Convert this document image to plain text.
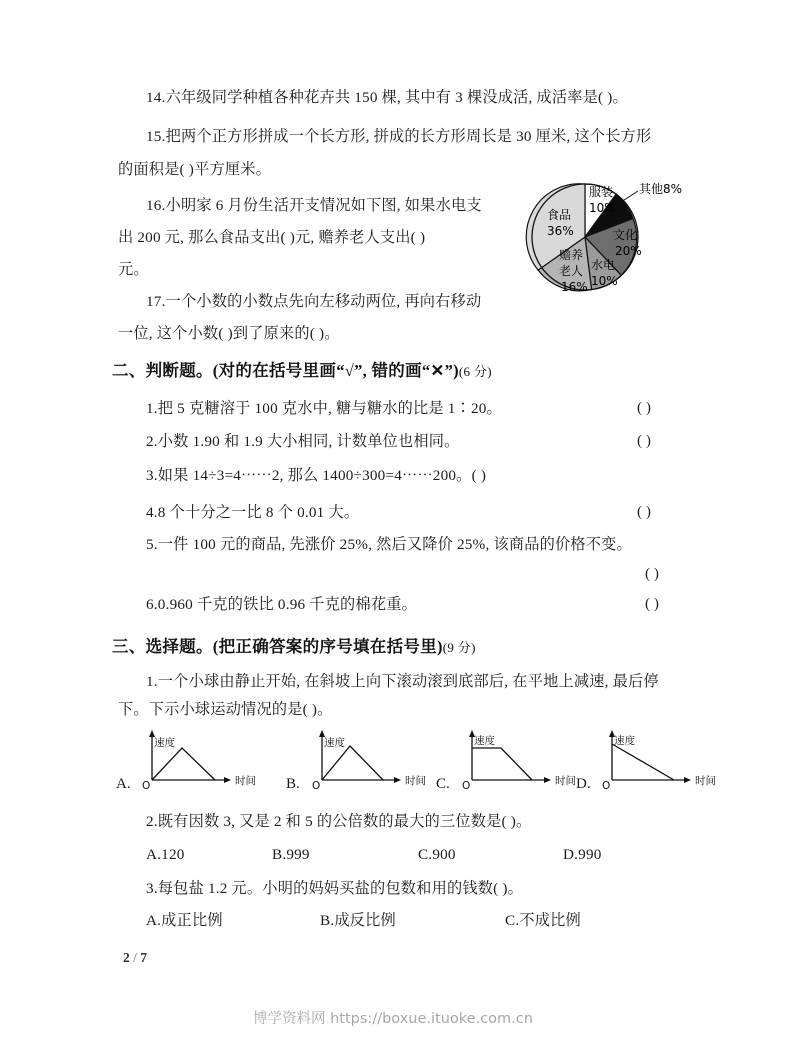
14.六年级同学种植各种花卉共 150 棵, 其中有 3 棵没成活, 成活率是( )。
15.把两个正方形拼成一个长方形, 拼成的长方形周长是 30 厘米, 这个长方形
的面积是( )平方厘米。
16.小明家 6 月份生活开支情况如下图, 如果水电支
出 200 元, 那么食品支出( )元, 赡养老人支出( )
元。
食品
36%
服装
10%
其他8%
文化
20%
水电
10%
赡养
老人
16%
17.一个小数的小数点先向左移动两位, 再向右移动
一位, 这个小数( )到了原来的( )。
二、判断题。(对的在括号里画“√”, 错的画“✕”)(6 分)
1.把 5 克糖溶于 100 克水中, 糖与糖水的比是 1∶20。	( )
2.小数 1.90 和 1.9 大小相同, 计数单位也相同。	( )
3.如果 14÷3=4⋯⋯2, 那么 1400÷300=4⋯⋯200。( )
4.8 个十分之一比 8 个 0.01 大。	( )
5.一件 100 元的商品, 先涨价 25%, 然后又降价 25%, 该商品的价格不变。
( )
6.0.960 千克的铁比 0.96 千克的棉花重。	( )
三、选择题。(把正确答案的序号填在括号里)(9 分)
1.一个小球由静止开始, 在斜坡上向下滚动滚到底部后, 在平地上减速, 最后停
下。下示小球运动情况的是( )。
速度
时间
O
A.
速度
时间
O
B.
速度
时间
O
C.
速度
时间
O
D.
2.既有因数 3, 又是 2 和 5 的公倍数的最大的三位数是( )。
A.120	B.999	C.900	D.990
3.每包盐 1.2 元。小明的妈妈买盐的包数和用的钱数( )。
A.成正比例	B.成反比例	C.不成比例
2 / 7
博学资料网 https://boxue.ituoke.com.cn
